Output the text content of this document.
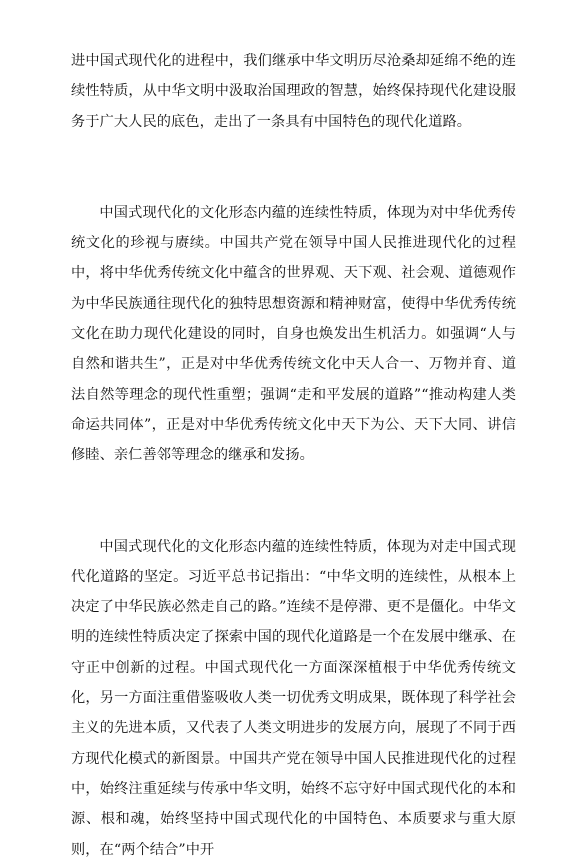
进中国式现代化的进程中，我们继承中华文明历尽沧桑却延绵不绝的连续性特质，从中华文明中汲取治国理政的智慧，始终保持现代化建设服务于广大人民的底色，走出了一条具有中国特色的现代化道路。

中国式现代化的文化形态内蕴的连续性特质，体现为对中华优秀传统文化的珍视与赓续。中国共产党在领导中国人民推进现代化的过程中，将中华优秀传统文化中蕴含的世界观、天下观、社会观、道德观作为中华民族通往现代化的独特思想资源和精神财富，使得中华优秀传统文化在助力现代化建设的同时，自身也焕发出生机活力。如强调“人与自然和谐共生”，正是对中华优秀传统文化中天人合一、万物并育、道法自然等理念的现代性重塑；强调“走和平发展的道路”“推动构建人类命运共同体”，正是对中华优秀传统文化中天下为公、天下大同、讲信修睦、亲仁善邻等理念的继承和发扬。

中国式现代化的文化形态内蕴的连续性特质，体现为对走中国式现代化道路的坚定。习近平总书记指出：“中华文明的连续性，从根本上决定了中华民族必然走自己的路。”连续不是停滞、更不是僵化。中华文明的连续性特质决定了探索中国的现代化道路是一个在发展中继承、在守正中创新的过程。中国式现代化一方面深深植根于中华优秀传统文化，另一方面注重借鉴吸收人类一切优秀文明成果，既体现了科学社会主义的先进本质，又代表了人类文明进步的发展方向，展现了不同于西方现代化模式的新图景。中国共产党在领导中国人民推进现代化的过程中，始终注重延续与传承中华文明，始终不忘守好中国式现代化的本和源、根和魂，始终坚持中国式现代化的中国特色、本质要求与重大原则，在“两个结合”中开
